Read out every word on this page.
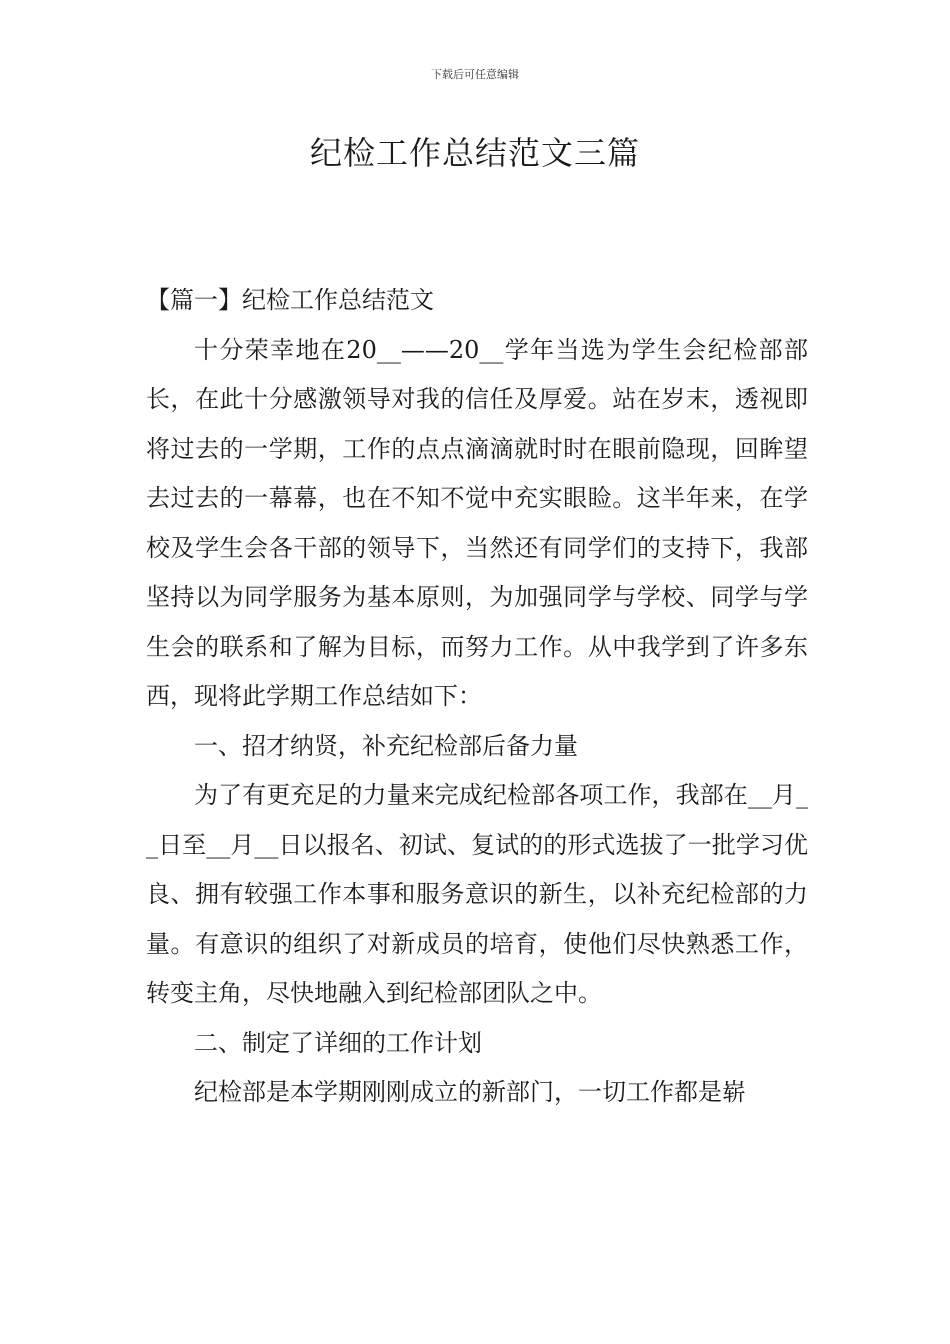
下载后可任意编辑
纪检工作总结范文三篇

【篇一】纪检工作总结范文

十分荣幸地在20__——20__学年当选为学生会纪检部部长，在此十分感激领导对我的信任及厚爱。站在岁末，透视即将过去的一学期，工作的点点滴滴就时时在眼前隐现，回眸望去过去的一幕幕，也在不知不觉中充实眼睑。这半年来，在学校及学生会各干部的领导下，当然还有同学们的支持下，我部坚持以为同学服务为基本原则，为加强同学与学校、同学与学生会的联系和了解为目标，而努力工作。从中我学到了许多东西，现将此学期工作总结如下：

一、招才纳贤，补充纪检部后备力量

为了有更充足的力量来完成纪检部各项工作，我部在__月__日至__月__日以报名、初试、复试的的形式选拔了一批学习优良、拥有较强工作本事和服务意识的新生，以补充纪检部的力量。有意识的组织了对新成员的培育，使他们尽快熟悉工作，转变主角，尽快地融入到纪检部团队之中。

二、制定了详细的工作计划

纪检部是本学期刚刚成立的新部门，一切工作都是崭
